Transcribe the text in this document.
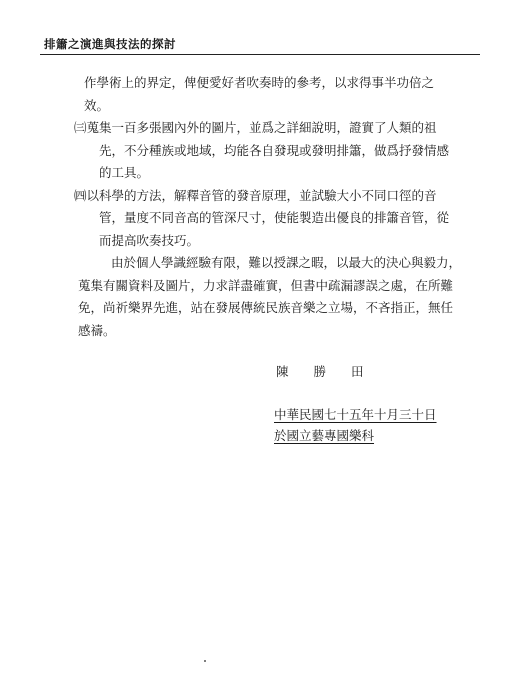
排簫之演進與技法的探討

作學術上的界定，俾便愛好者吹奏時的參考，以求得事半功倍之
效。

㈢蒐集一百多張國內外的圖片，並爲之詳細說明，證實了人類的祖
先，不分種族或地域，均能各自發現或發明排簫，做爲抒發情感
的工具。

㈣以科學的方法，解釋音管的發音原理，並試驗大小不同口徑的音
管，量度不同音高的管深尺寸，使能製造出優良的排簫音管，從
而提高吹奏技巧。

由於個人學識經驗有限，難以授課之暇，以最大的決心與毅力，
蒐集有關資料及圖片，力求詳盡確實，但書中疏漏謬誤之處，在所難
免，尚祈樂界先進，站在發展傳統民族音樂之立場，不吝指正，無任
感禱。

陳勝田
中華民國七十五年十月三十日
於國立藝專國樂科
